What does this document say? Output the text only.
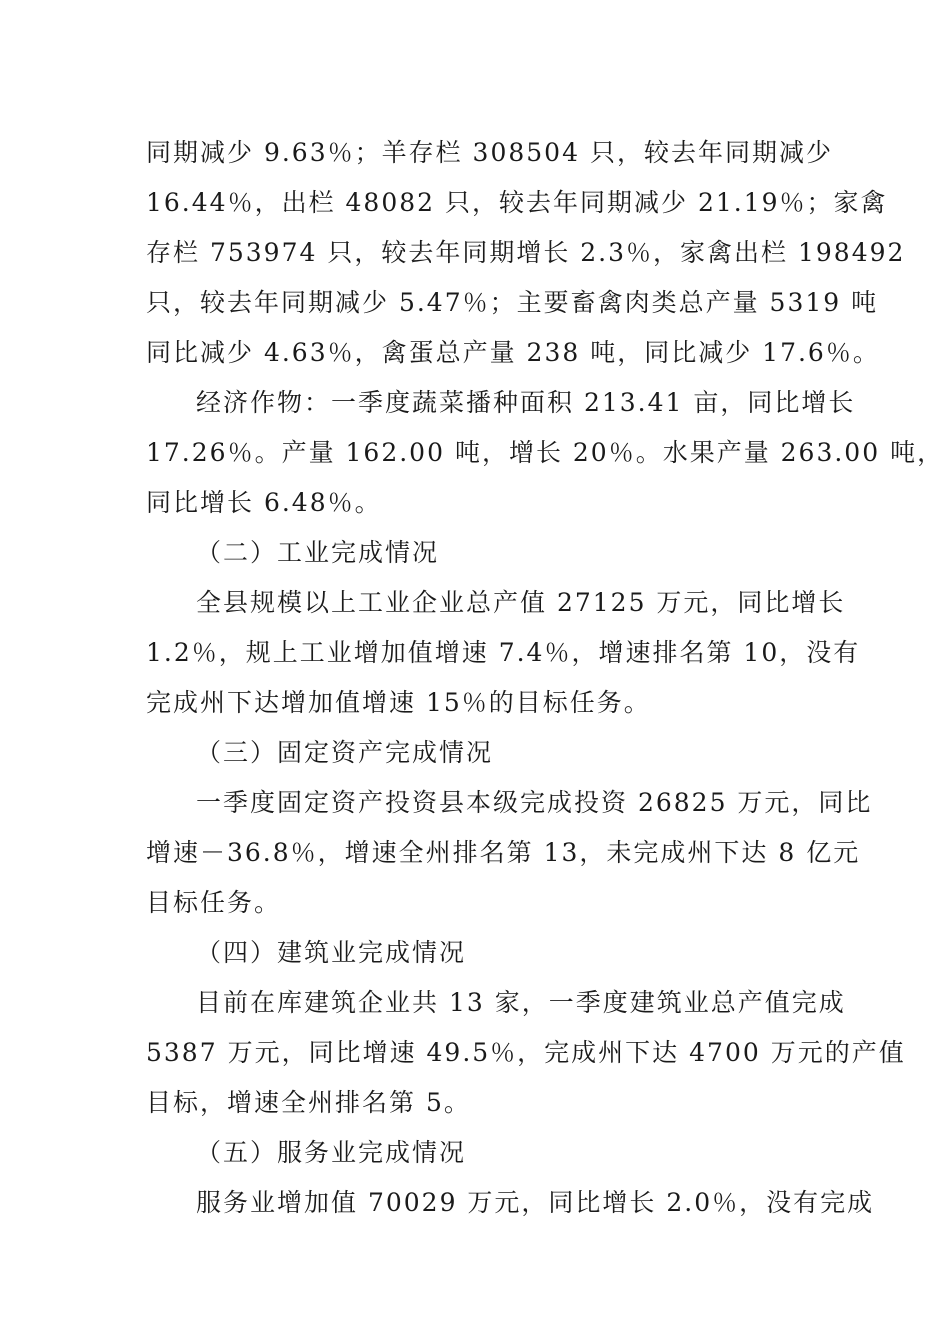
同期减少 9.63％；羊存栏 308504 只，较去年同期减少
16.44％，出栏 48082 只，较去年同期减少 21.19％；家禽
存栏 753974 只，较去年同期增长 2.3％，家禽出栏 198492
只，较去年同期减少 5.47％；主要畜禽肉类总产量 5319 吨
同比减少 4.63％，禽蛋总产量 238 吨，同比减少 17.6％。
经济作物：一季度蔬菜播种面积 213.41 亩，同比增长
17.26％。产量 162.00 吨，增长 20％。水果产量 263.00 吨，
同比增长 6.48％。
（二）工业完成情况
全县规模以上工业企业总产值 27125 万元，同比增长
1.2％，规上工业增加值增速 7.4％，增速排名第 10，没有
完成州下达增加值增速 15％的目标任务。
（三）固定资产完成情况
一季度固定资产投资县本级完成投资 26825 万元，同比
增速－36.8％，增速全州排名第 13，未完成州下达 8 亿元
目标任务。
（四）建筑业完成情况
目前在库建筑企业共 13 家，一季度建筑业总产值完成
5387 万元，同比增速 49.5％，完成州下达 4700 万元的产值
目标，增速全州排名第 5。
（五）服务业完成情况
服务业增加值 70029 万元，同比增长 2.0％，没有完成
